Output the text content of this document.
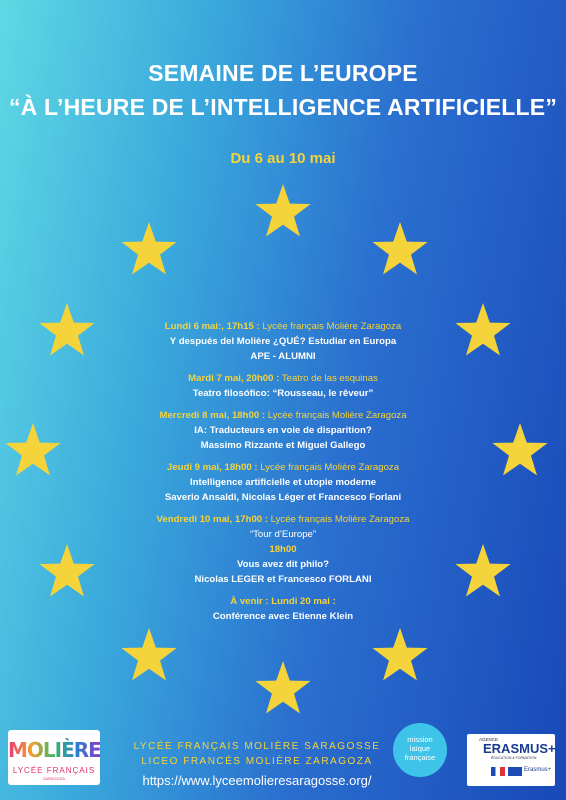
SEMAINE DE L’EUROPE
“À L’HEURE DE L’INTELLIGENCE ARTIFICIELLE”
Du 6 au 10 mai
Lundi 6 mai:, 17h15 : Lycée français Molière Zaragoza
Y después del Molière ¿QUÉ? Estudiar en Europa
APE - ALUMNI
Mardi 7 mai, 20h00 : Teatro de las esquinas
Teatro filosófico: “Rousseau, le rêveur”
Mercredi 8 mai, 18h00 : Lycée français Molière Zaragoza
IA: Traducteurs en voie de disparition?
Massimo Rizzante et Miguel Gallego
Jeudi 9 mai, 18h00 : Lycée français Molière Zaragoza
Intelligence artificielle et utopie moderne
Saverio Ansaldi, Nicolas Léger et Francesco Forlani
Vendredi 10 mai, 17h00 : Lycée français Molière Zaragoza
“Tour d’Europe”
18h00
Vous avez dit philo?
Nicolas LEGER et Francesco FORLANI
À venir : Lundi 20 mai :
Conférence avec Etienne Klein
MOLIÈRE
LYCÉE FRANÇAIS
ZARAGOZA
LYCÉE FRANÇAIS MOLIÈRE SARAGOSSE
LICEO FRANCÉS MOLIÈRE ZARAGOZA
https://www.lyceemolieresaragosse.org/
mission
laïque
française
AGENCE
ERASMUS+
ÉDUCATION & FORMATION
Erasmus+
